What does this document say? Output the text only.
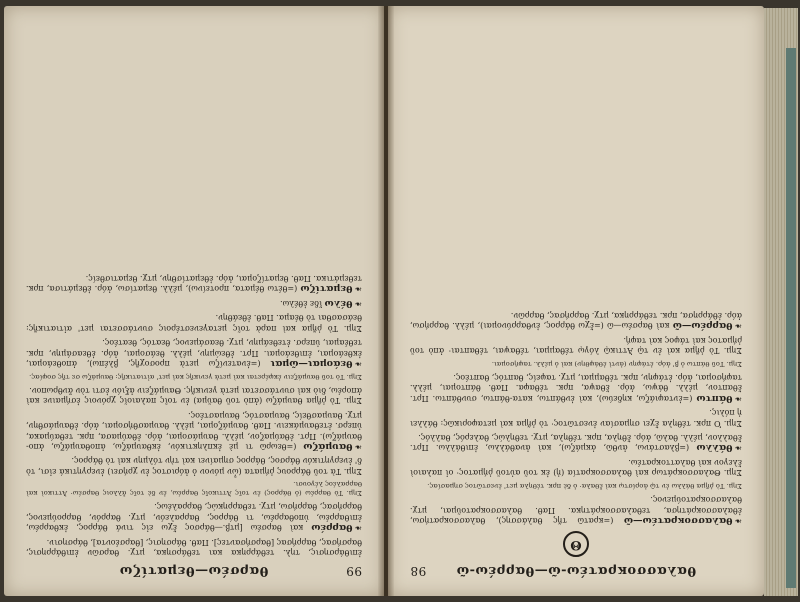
99
θαρσέω—θεματίζω

ἐπιθάρσησις, τηλ. τεθάρρηκα και τεθάρσηκα, μτχ. θαρσῶν ἐπιθάρρησις, θαρσήσας, θαρρήσας [θαρσήσαντες]. Παθ. θάρσησις, [θαρσέοντα], θάρσησιν.

❧θαρρέω καὶ θαρσέω [μτβ.—θάρσος ἔχω εἰς τινά θάρρος, ἐκθαρρέω, ἐπιθαρρέω, ὑποθαρρέω, τι θάρρος, θαρραλεόν, μτχ. θαρρόν, θαρρούμενος, θαρρήσας, θαρρήσω, μτχ. τεθαρρηκώς, θαρραλέως.

Σημ. Τὸ θαρρέω (ὁ θάρρος) ἐν τοῖς Ἀττικοῖς θαρρέω, ἐν δὲ τοῖς ἄλλοις θαρσέω· Ἀττικοὶ καὶ θαρραλέος λέγουσι.

Σημ. Τὰ τοῦ θάρρους ῥήματα (ὧν μόνον ὁ ἀόριστος ἐν χρήσει) ἐνεργητικά εἰσι, τὸ δ' ἐνεργητικόν θάρσος, θάρρος σημαίνει καὶ τὴν τόλμην καὶ τὸ θάρρος.

❧θαυμάζω (=θεωρῶ τι μὲ ἐκπληκτικόν, ἐκθαυμάζω, ἀποθαυμάζω, ἀπο-θαυμάζω). Πρτ. ἐθαύμαζον, μέλλ. θαυμάσομαι, ἀόρ. ἐθαύμασα, πρκ. τεθαύμακα, ὑπερσ. ἐτεθαυμάκειν. Παθ. θαυμάζομαι, μέλλ. θαυμασθήσομαι, ἀόρ. ἐθαυμάσθην, μτχ. θαυμασθείς, θαυμαστός, θαυμαστέος.

Σημ. Τὸ ῥῆμα θαυμάζω (ἀπὸ τοῦ θαῦμα) ἐν τοῖς παλαιοῖς χρόνοις ἐσήμαινε καὶ ἀπορέω, διὸ καὶ συντάσσεται μετὰ γενικῆς. Θαυμάζειν ἀξιόν ἐστι τὸν ἄνθρωπον.

Σημ. Τὸ τοῦ θαυμάζειν ἐκφέρεται καὶ μετὰ γενικῆς καὶ μετ' αἰτιατικῆς: θαυμάζω σε τῆς σοφίας.

❧θεάομαι—ῶμαι (=ἐνατενίζω μετὰ προσοχῆς, βλέπω), ἀποθεάομαι, ἐκθεάομαι, ἐπιθεάομαι. Πρτ. ἐθεώμην, μέλλ. θεάσομαι, ἀόρ. ἐθεασάμην, πρκ. τεθέαμαι, ὑπερσ. ἐτεθεάμην, μτχ. θεασάμενος, θεατός, θεατέος.

Σημ. Τὸ ῥῆμα καὶ παρὰ τοῖς μεταγενεστέροις συντάσσεται μετ' αἰτιατικῆς: θεάσασθαι τὸ θέαμα. Παθ. ἐθεάθην.

❧θέλω ἴδε ἐθέλω.

❧θεματίζω (=θέτω θέματα, προτείνω), μέλλ. θεματίσω, ἀόρ. ἐθεμάτισα, πρκ. τεθεμάτικα. Παθ. θεματίζομαι, ἀόρ. ἐθεματίσθην, μτχ. θεματισθείς.

θαλασσοκρατέω-ῶ—θαρρέω-ῶ
98
Θ

❧θαλασσοκρατέω—ῶ (=κρατῶ τῆς θαλάσσης), θαλασσοκρατήσω, ἐθαλασσοκράτησα, τεθαλασσοκράτηκα. Παθ. θαλασσοκρατοῦμαι, μτχ. θαλασσοκρατούμενος.

Σημ. Τὸ ῥῆμα θάλλω ἐν τῷ ἀορίστῳ καὶ ἔθαλα· ὁ δὲ πρκ. τέθηλα μετ' ἐνεστῶτος σημασίας.

Σημ. Θαλασσοκράτωρ καὶ θαλασσοκρατία (ἡ) ἐκ τοῦ αὐτοῦ ῥήματος· οἱ παλαιοὶ ἔλεγον καὶ θαλαττοκρατέω.

❧θάλλω (=βλαστάνω, ἀνθῶ, ἀκμάζω), καὶ ἀναθάλλω, ἐπιθάλλω. Πρτ. ἔθαλλον, μέλλ. θαλῶ, ἀόρ. ἔθηλα, πρκ. τέθηλα, μτχ. τεθηλώς, θαλερός, θαλλός.

Σημ. Ὁ πρκ. τέθηλα ἔχει σημασίαν ἐνεστῶτος· τὸ ῥῆμα καὶ μεταφορικῶς: θάλλει ἡ πόλις.

❧θάπτω (=ἐνταφιάζω, κηδεύω), καὶ ἐνθάπτω, κατα-θάπτω, συνθάπτω. Πρτ. ἔθαπτον, μέλλ. θάψω, ἀόρ. ἔθαψα, πρκ. τέθαφα. Παθ. θάπτομαι, μέλλ. ταφήσομαι, ἀόρ. ἐτάφην, πρκ. τέθαμμαι, μτχ. ταφείς, θαπτός, θαπτέος.

Σημ. Τοῦ θάπτω ὁ β' ἀόρ. ἐτάφην (ἀντὶ ἐθάφθην) καὶ ὁ μέλλ. ταφήσομαι.

Σημ. Τὸ ῥῆμα καὶ ἐν τῷ Ἀττικῷ λόγῳ τέθαμμαι, τέθαψαι, τέθαπται· ἀπὸ τοῦ ῥήματος καὶ τάφος καὶ ταφή.

❧θαρρέω—ῶ καὶ θαρσέω—ῶ (=ἔχω θάρρος, ἐνθαρρύνομαι), μέλλ. θαρρήσω, ἀόρ. ἐθάρρησα, πρκ. τεθάρρηκα, μτχ. θαρρήσας, θαρρῶν.
